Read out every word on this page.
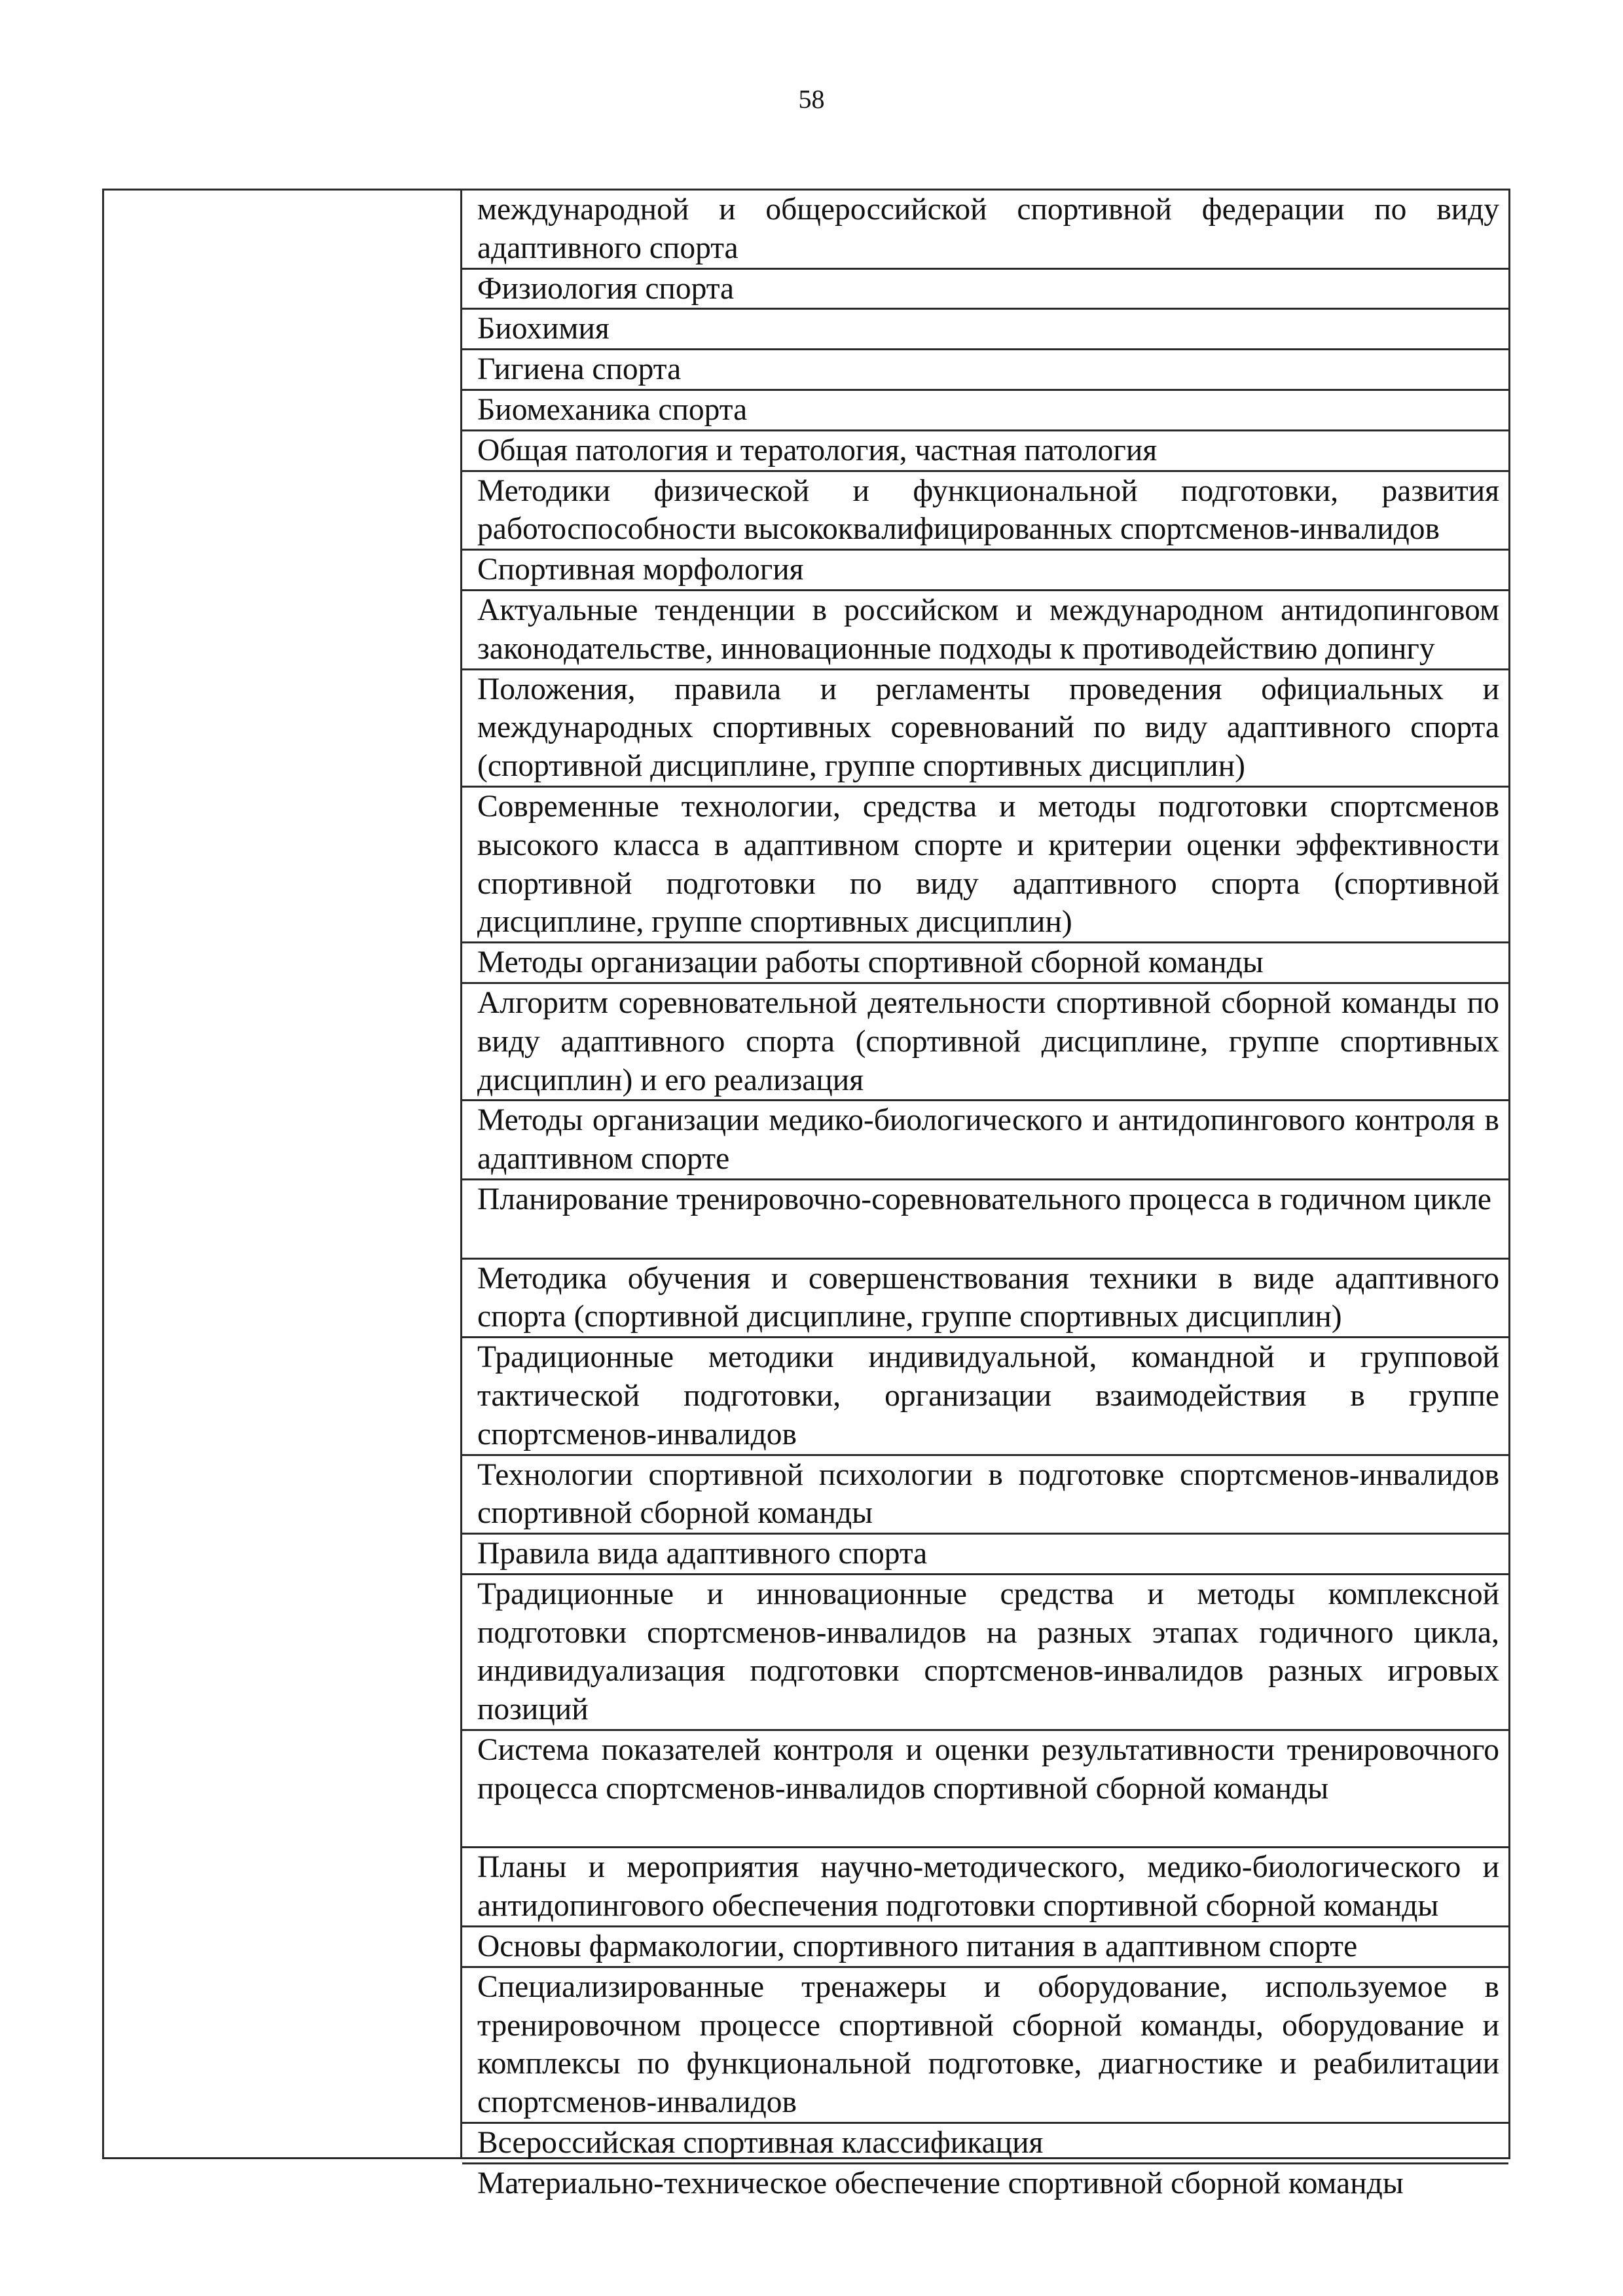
58
международной и общероссийской спортивной федерации по виду адаптивного спорта
Физиология спорта
Биохимия
Гигиена спорта
Биомеханика спорта
Общая патология и тератология, частная патология
Методики физической и функциональной подготовки, развития работоспособности высококвалифицированных спортсменов-инвалидов
Спортивная морфология
Актуальные тенденции в российском и международном антидопинговом законодательстве, инновационные подходы к противодействию допингу
Положения, правила и регламенты проведения официальных и международных спортивных соревнований по виду адаптивного спорта (спортивной дисциплине, группе спортивных дисциплин)
Современные технологии, средства и методы подготовки спортсменов высокого класса в адаптивном спорте и критерии оценки эффективности спортивной подготовки по виду адаптивного спорта (спортивной дисциплине, группе спортивных дисциплин)
Методы организации работы спортивной сборной команды
Алгоритм соревновательной деятельности спортивной сборной команды по виду адаптивного спорта (спортивной дисциплине, группе спортивных дисциплин) и его реализация
Методы организации медико-биологического и антидопингового контроля в адаптивном спорте
Планирование тренировочно-соревновательного процесса в годичном цикле
Методика обучения и совершенствования техники в виде адаптивного спорта (спортивной дисциплине, группе спортивных дисциплин)
Традиционные методики индивидуальной, командной и групповой тактической подготовки, организации взаимодействия в группе спортсменов-инвалидов
Технологии спортивной психологии в подготовке спортсменов-инвалидов спортивной сборной команды
Правила вида адаптивного спорта
Традиционные и инновационные средства и методы комплексной подготовки спортсменов-инвалидов на разных этапах годичного цикла, индивидуализация подготовки спортсменов-инвалидов разных игровых позиций
Система показателей контроля и оценки результативности тренировочного процесса спортсменов-инвалидов спортивной сборной команды
Планы и мероприятия научно-методического, медико-биологического и антидопингового обеспечения подготовки спортивной сборной команды
Основы фармакологии, спортивного питания в адаптивном спорте
Специализированные тренажеры и оборудование, используемое в тренировочном процессе спортивной сборной команды, оборудование и комплексы по функциональной подготовке, диагностике и реабилитации спортсменов-инвалидов
Всероссийская спортивная классификация
Материально-техническое обеспечение спортивной сборной команды
